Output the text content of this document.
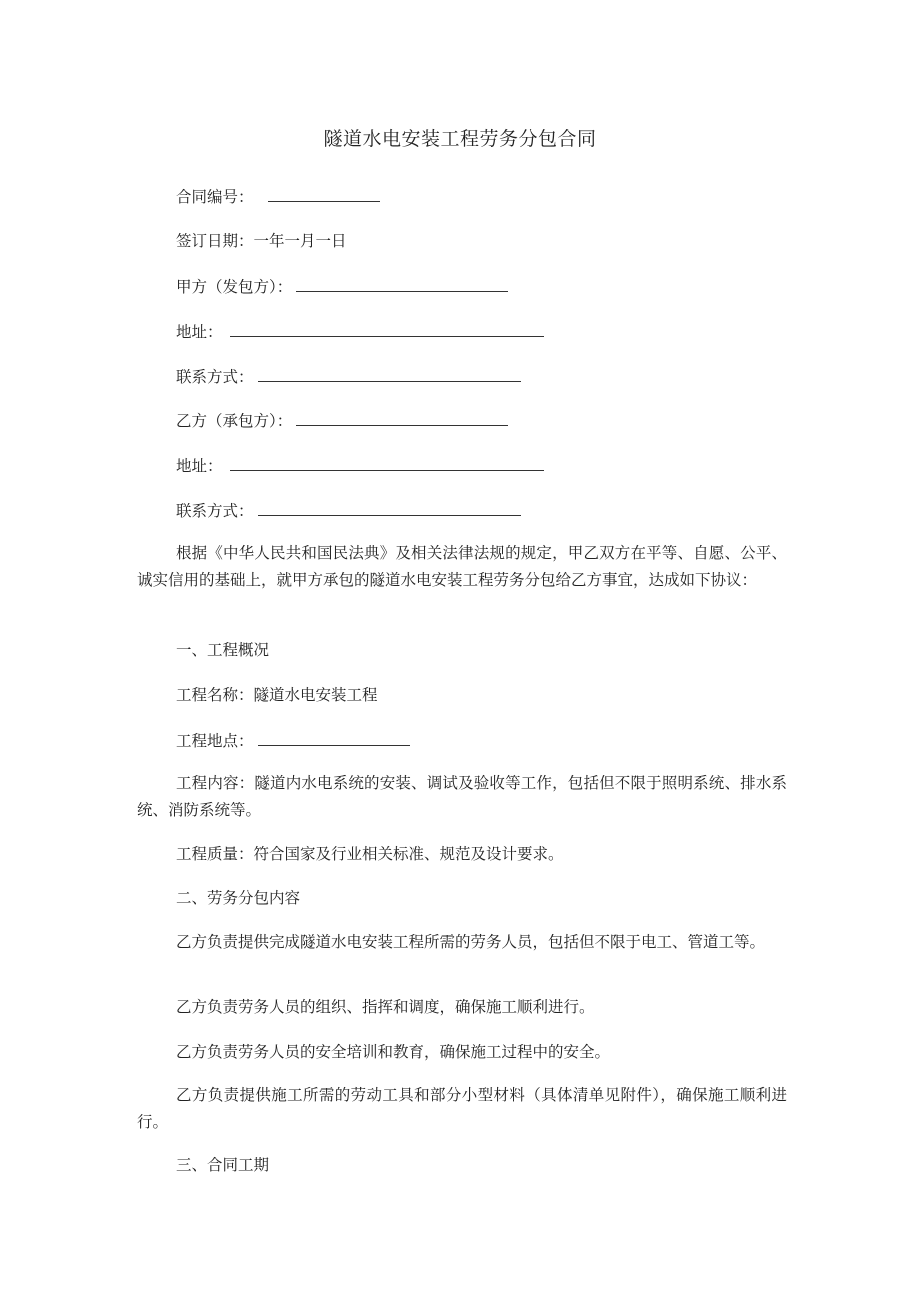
隧道水电安装工程劳务分包合同
合同编号：
签订日期：一年一月一日
甲方（发包方）：
地址：
联系方式：
乙方（承包方）：
地址：
联系方式：
根据《中华人民共和国民法典》及相关法律法规的规定，甲乙双方在平等、自愿、公平、诚实信用的基础上，就甲方承包的隧道水电安装工程劳务分包给乙方事宜，达成如下协议：
一、工程概况
工程名称：隧道水电安装工程
工程地点：
工程内容：隧道内水电系统的安装、调试及验收等工作，包括但不限于照明系统、排水系统、消防系统等。
工程质量：符合国家及行业相关标准、规范及设计要求。
二、劳务分包内容
乙方负责提供完成隧道水电安装工程所需的劳务人员，包括但不限于电工、管道工等。
乙方负责劳务人员的组织、指挥和调度，确保施工顺利进行。
乙方负责劳务人员的安全培训和教育，确保施工过程中的安全。
乙方负责提供施工所需的劳动工具和部分小型材料（具体清单见附件），确保施工顺利进行。
三、合同工期
